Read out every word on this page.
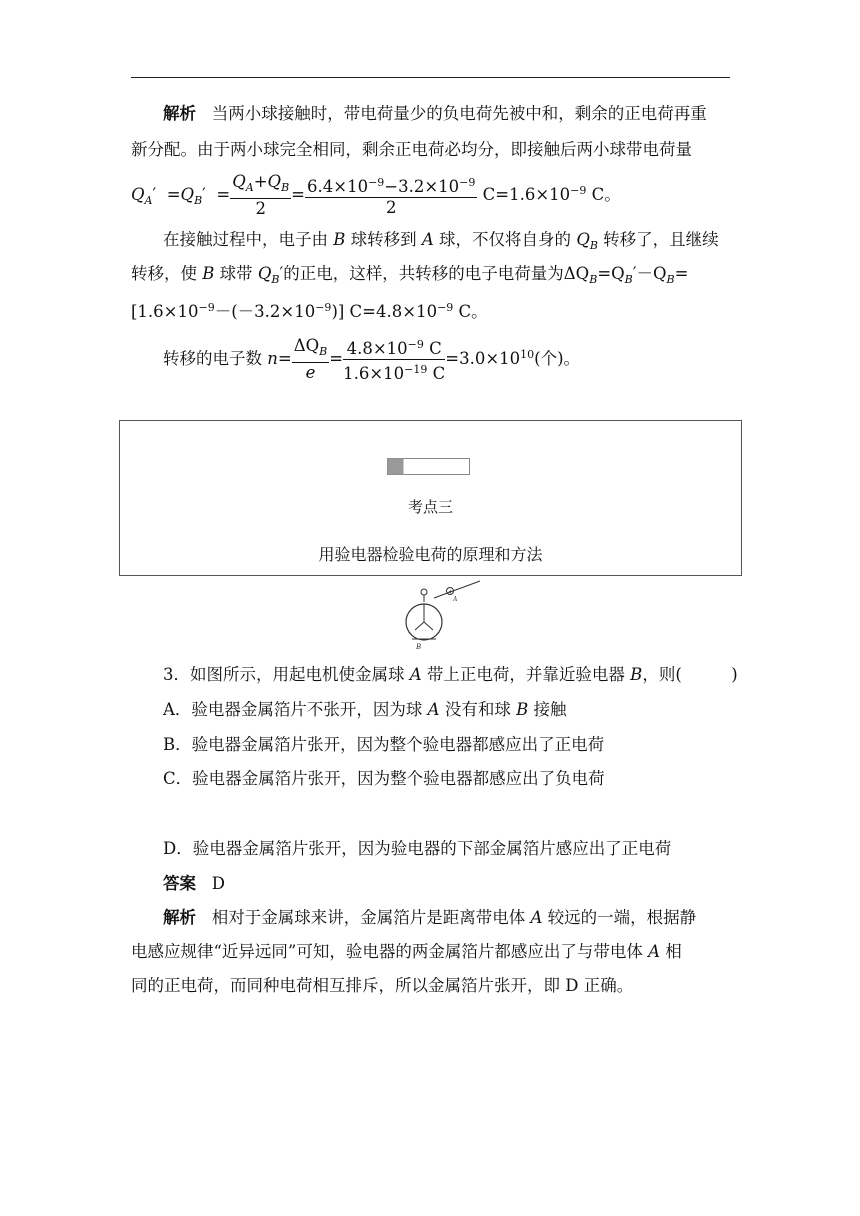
解析 当两小球接触时，带电荷量少的负电荷先被中和，剩余的正电荷再重
新分配。由于两小球完全相同，剩余正电荷必均分，即接触后两小球带电荷量
$Q_A' =Q_B' = \frac{Q_A+Q_B}{2} = \frac{6.4\times 10^{-9}-3.2\times 10^{-9}}{2} C=1.6\times 10^{-9}$ C。
在接触过程中，电子由 B 球转移到 A 球，不仅将自身的 $Q_B$ 转移了，且继续
转移，使 B 球带 $Q_B'$的正电，这样，共转移的电子电荷量为$\Delta Q_B=Q_B'-Q_B=$
$[1.6\times 10^{-9}-(-3.2\times 10^{-9})]$ $C=4.8\times 10^{-9}$ C。
转移的电子数 $n= \frac{\Delta Q_B}{e} = \frac{4.8\times 10^{-9} C}{1.6\times 10^{-19} C} =3.0\times 10^{10}$(个)。
考点三
用验电器检验电荷的原理和方法
+
A
B
3．如图所示，用起电机使金属球 A 带上正电荷，并靠近验电器 B，则(　　　)
A．验电器金属箔片不张开，因为球 A 没有和球 B 接触
B．验电器金属箔片张开，因为整个验电器都感应出了正电荷
C．验电器金属箔片张开，因为整个验电器都感应出了负电荷
D．验电器金属箔片张开，因为验电器的下部金属箔片感应出了正电荷
答案 D
解析   相对于金属球来讲，金属箔片是距离带电体 A 较远的一端，根据静
电感应规律“近异远同”可知，验电器的两金属箔片都感应出了与带电体 A 相
同的正电荷，而同种电荷相互排斥，所以金属箔片张开，即 D 正确。
